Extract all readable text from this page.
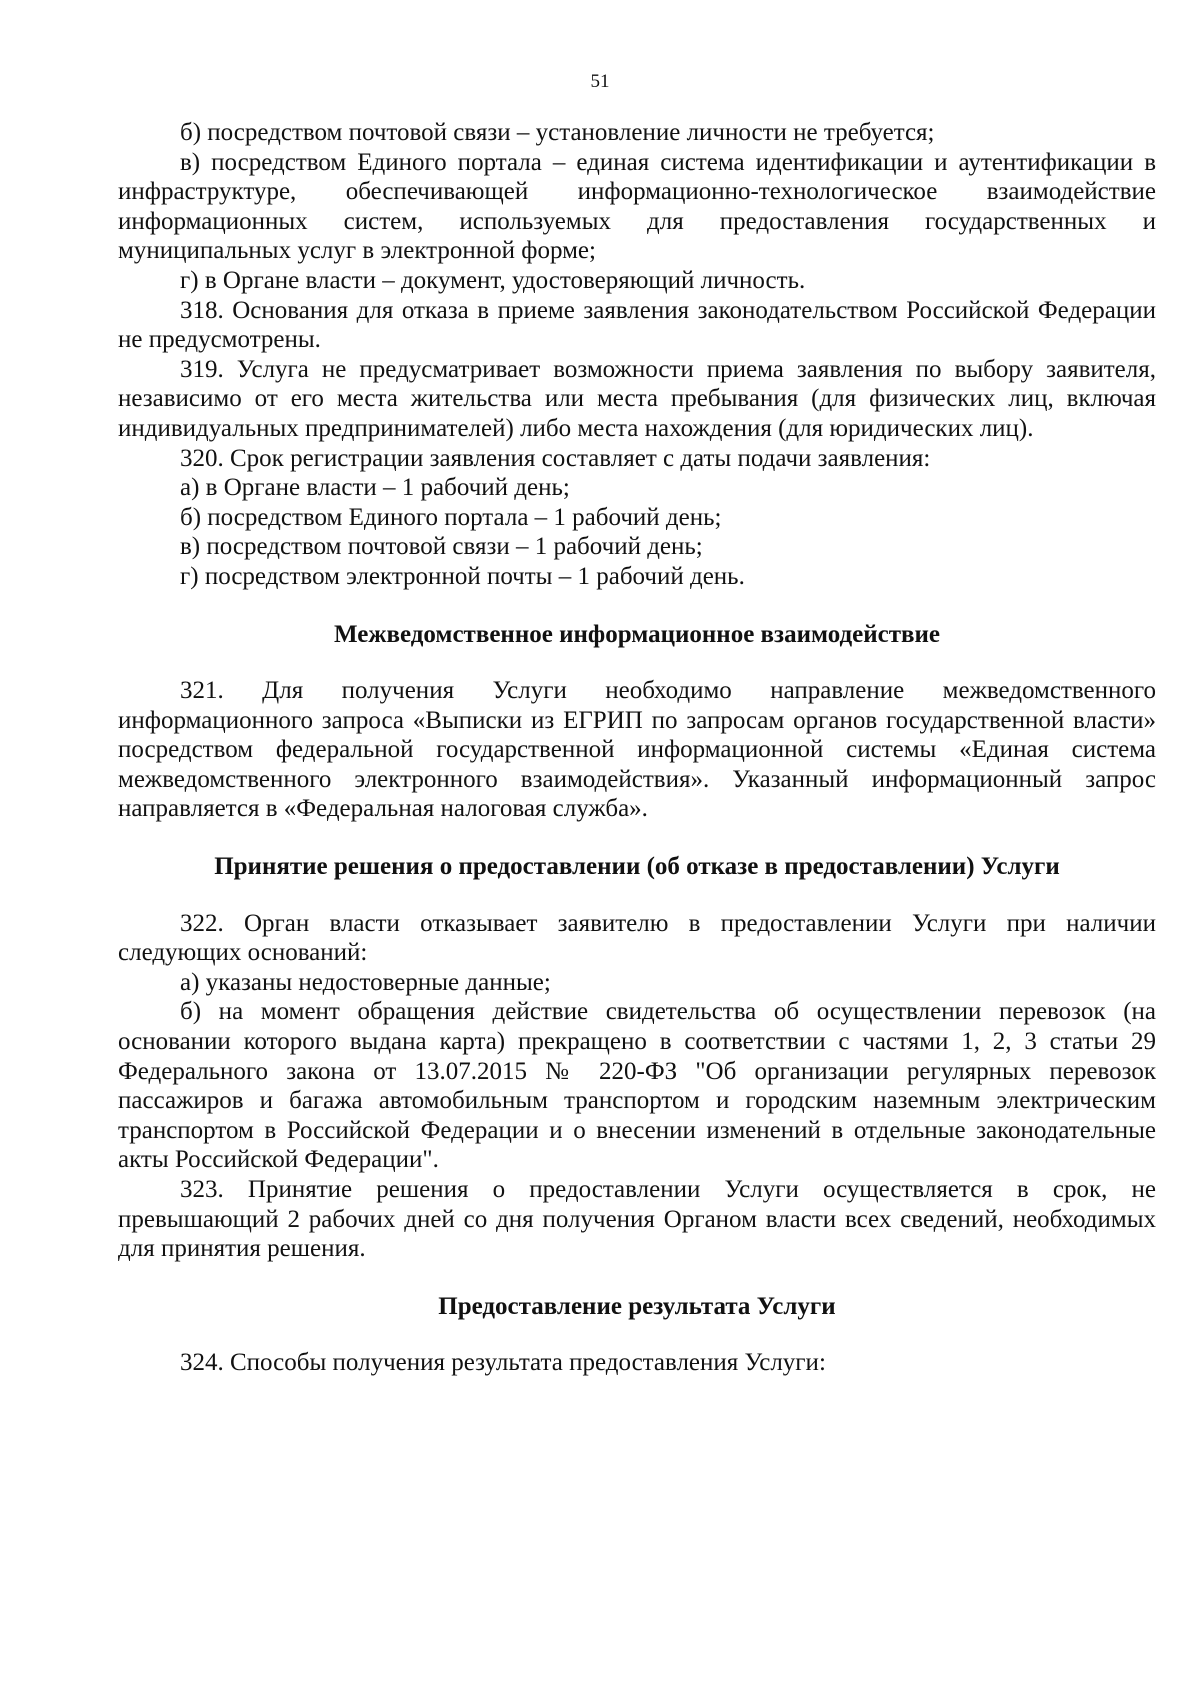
51

б) посредством почтовой связи – установление личности не требуется;

в) посредством Единого портала – единая система идентификации и аутентификации в инфраструктуре, обеспечивающей информационно-технологическое взаимодействие информационных систем, используемых для предоставления государственных и муниципальных услуг в электронной форме;

г) в Органе власти – документ, удостоверяющий личность.

318. Основания для отказа в приеме заявления законодательством Российской Федерации не предусмотрены.

319. Услуга не предусматривает возможности приема заявления по выбору заявителя, независимо от его места жительства или места пребывания (для физических лиц, включая индивидуальных предпринимателей) либо места нахождения (для юридических лиц).

320. Срок регистрации заявления составляет с даты подачи заявления:

а) в Органе власти – 1 рабочий день;

б) посредством Единого портала – 1 рабочий день;

в) посредством почтовой связи – 1 рабочий день;

г) посредством электронной почты – 1 рабочий день.

Межведомственное информационное взаимодействие

321. Для получения Услуги необходимо направление межведомственного информационного запроса «Выписки из ЕГРИП по запросам органов государственной власти» посредством федеральной государственной информационной системы «Единая система межведомственного электронного взаимодействия». Указанный информационный запрос направляется в «Федеральная налоговая служба».

Принятие решения о предоставлении (об отказе в предоставлении) Услуги

322. Орган власти отказывает заявителю в предоставлении Услуги при наличии следующих оснований:

а) указаны недостоверные данные;

б) на момент обращения действие свидетельства об осуществлении перевозок (на основании которого выдана карта) прекращено в соответствии с частями 1, 2, 3 статьи 29 Федерального закона от 13.07.2015 № 220-ФЗ "Об организации регулярных перевозок пассажиров и багажа автомобильным транспортом и городским наземным электрическим транспортом в Российской Федерации и о внесении изменений в отдельные законодательные акты Российской Федерации".

323. Принятие решения о предоставлении Услуги осуществляется в срок, не превышающий 2 рабочих дней со дня получения Органом власти всех сведений, необходимых для принятия решения.

Предоставление результата Услуги

324. Способы получения результата предоставления Услуги:
